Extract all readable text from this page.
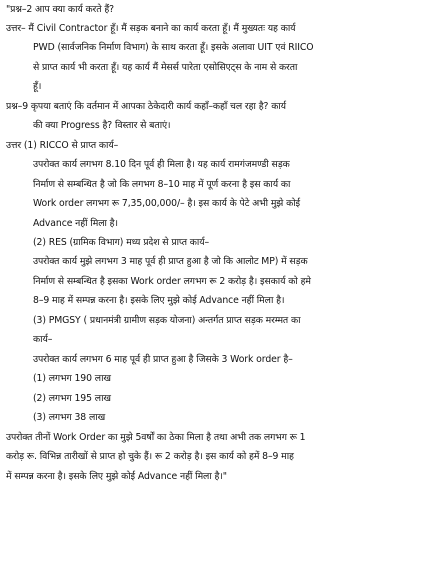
"प्रश्न–2 आप क्या कार्य करते हैं?
उत्तर– मैं Civil Contractor हूँ। मैं सड़क बनाने का कार्य करता हूँ। मैं मुख्यतः यह कार्य
PWD (सार्वजनिक निर्माण विभाग) के साथ करता हूँ। इसके अलावा UIT एवं RIICO
से प्राप्त कार्य भी करता हूँ। यह कार्य मैं मेसर्स पारेता एसोसिएट्स के नाम से करता
हूँ।
प्रश्न–9 कृपया बताएं कि वर्तमान में आपका ठेकेदारी कार्य कहाँ–कहाँ चल रहा है? कार्य
की क्या Progress है? विस्तार से बताएं।
उत्तर (1) RICCO से प्राप्त कार्य–
उपरोक्त कार्य लगभग 8.10 दिन पूर्व ही मिला है। यह कार्य रामगंजमण्डी सड़क
निर्माण से सम्बन्धित है जो कि लगभग 8–10 माह में पूर्ण करना है इस कार्य का
Work order लगभग रू 7,35,00,000/– है। इस कार्य के पेटे अभी मुझे कोई
Advance नहीं मिला है।
(2) RES (ग्रामिक विभाग) मध्य प्रदेश से प्राप्त कार्य–
उपरोक्त कार्य मुझे लगभग 3 माह पूर्व ही प्राप्त हुआ है जो कि आलोट MP) में सड़क
निर्माण से सम्बन्धित है इसका Work order लगभग रू 2 करोड़ है। इसकार्य को हमे
8–9 माह में सम्पन्न करना है। इसके लिए मुझे कोई Advance नहीं मिला है।
(3) PMGSY ( प्रधानमंत्री ग्रामीण सड़क योजना) अन्तर्गत प्राप्त सड़क मरम्मत का
कार्य–
उपरोक्त कार्य लगभग 6 माह पूर्व ही प्राप्त हुआ है जिसके 3 Work order है–
(1) लगभग 190 लाख
(2) लगभग 195 लाख
(3) लगभग 38 लाख
उपरोक्त तीनों Work Order का मुझे 5वर्षों का ठेका मिला है तथा अभी तक लगभग रू 1
करोड़ रू. विभिन्न तारीखों से प्राप्त हो चुके हैं। रू 2 करोड़ है। इस कार्य को हमें 8–9 माह
में सम्पन्न करना है। इसके लिए मुझे कोई Advance नहीं मिला है।"
